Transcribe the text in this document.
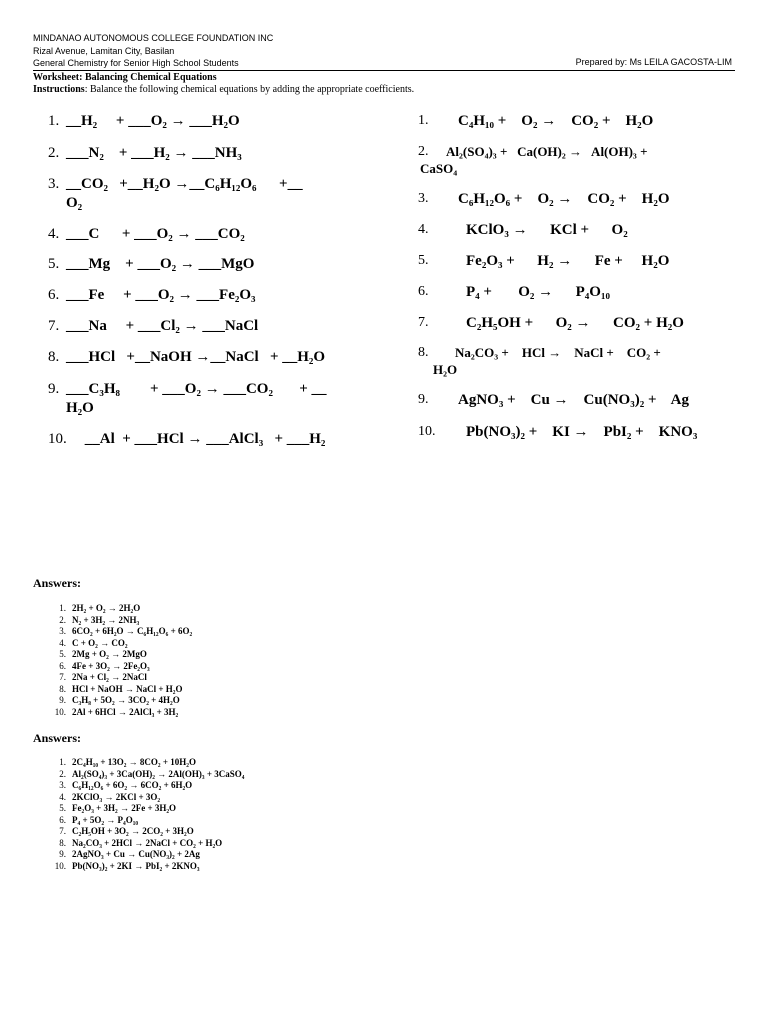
MINDANAO AUTONOMOUS COLLEGE FOUNDATION INC
Rizal Avenue, Lamitan City, Basilan
General Chemistry for Senior High School Students	Prepared by: Ms LEILA GACOSTA-LIM
Worksheet: Balancing Chemical Equations
Instructions: Balance the following chemical equations by adding the appropriate coefficients.
1. __H₂     + ___O₂ → ___H₂O
2. ___N₂    + ___H₂ → ___NH₃
3. __CO₂   +__H₂O →__C₆H₁₂O₆      +__
O₂
4. ___C      + ___O₂ → ___CO₂
5. ___Mg    + ___O₂ → ___MgO
6. ___Fe     + ___O₂ → ___Fe₂O₃
7. ___Na     + ___Cl₂ → ___NaCl
8. ___HCl   +__NaOH →__NaCl   + __H₂O
9. ___C₃H₈        + ___O₂ → ___CO₂       + __
H₂O
10. __Al  + ___HCl → ___AlCl₃   + ___H₂
1. C₄H₁₀ +    O₂ →    CO₂ +    H₂O
2. Al₂(SO₄)₃ +   Ca(OH)₂ →   Al(OH)₃ +
CaSO₄
3. C₆H₁₂O₆ +    O₂ →    CO₂ +    H₂O
4.	KClO₃ →      KCl +      O₂
5.	Fe₂O₃ +      H₂ →      Fe +     H₂O
6.	P₄ +       O₂ →      P₄O₁₀
7.	C₂H₅OH +      O₂ →      CO₂ + H₂O
8. Na₂CO₃ +    HCl →    NaCl +    CO₂ +
H₂O
9. AgNO₃ +    Cu →    Cu(NO₃)₂ +    Ag
10. Pb(NO₃)₂ +    KI →    PbI₂ +    KNO₃
Answers:
1. 2H₂ + O₂ → 2H₂O
2. N₂ + 3H₂ → 2NH₃
3. 6CO₂ + 6H₂O → C₆H₁₂O₆ + 6O₂
4. C + O₂ → CO₂
5. 2Mg + O₂ → 2MgO
6. 4Fe + 3O₂ → 2Fe₂O₃
7. 2Na + Cl₂ → 2NaCl
8. HCl + NaOH → NaCl + H₂O
9. C₃H₈ + 5O₂ → 3CO₂ + 4H₂O
10. 2Al + 6HCl → 2AlCl₃ + 3H₂
Answers:
1. 2C₄H₁₀ + 13O₂ → 8CO₂ + 10H₂O
2. Al₂(SO₄)₃ + 3Ca(OH)₂ → 2Al(OH)₃ + 3CaSO₄
3. C₆H₁₂O₆ + 6O₂ → 6CO₂ + 6H₂O
4. 2KClO₃ → 2KCl + 3O₂
5. Fe₂O₃ + 3H₂ → 2Fe + 3H₂O
6. P₄ + 5O₂ → P₄O₁₀
7. C₂H₅OH + 3O₂ → 2CO₂ + 3H₂O
8. Na₂CO₃ + 2HCl → 2NaCl + CO₂ + H₂O
9. 2AgNO₃ + Cu → Cu(NO₃)₂ + 2Ag
10. Pb(NO₃)₂ + 2KI → PbI₂ + 2KNO₃
